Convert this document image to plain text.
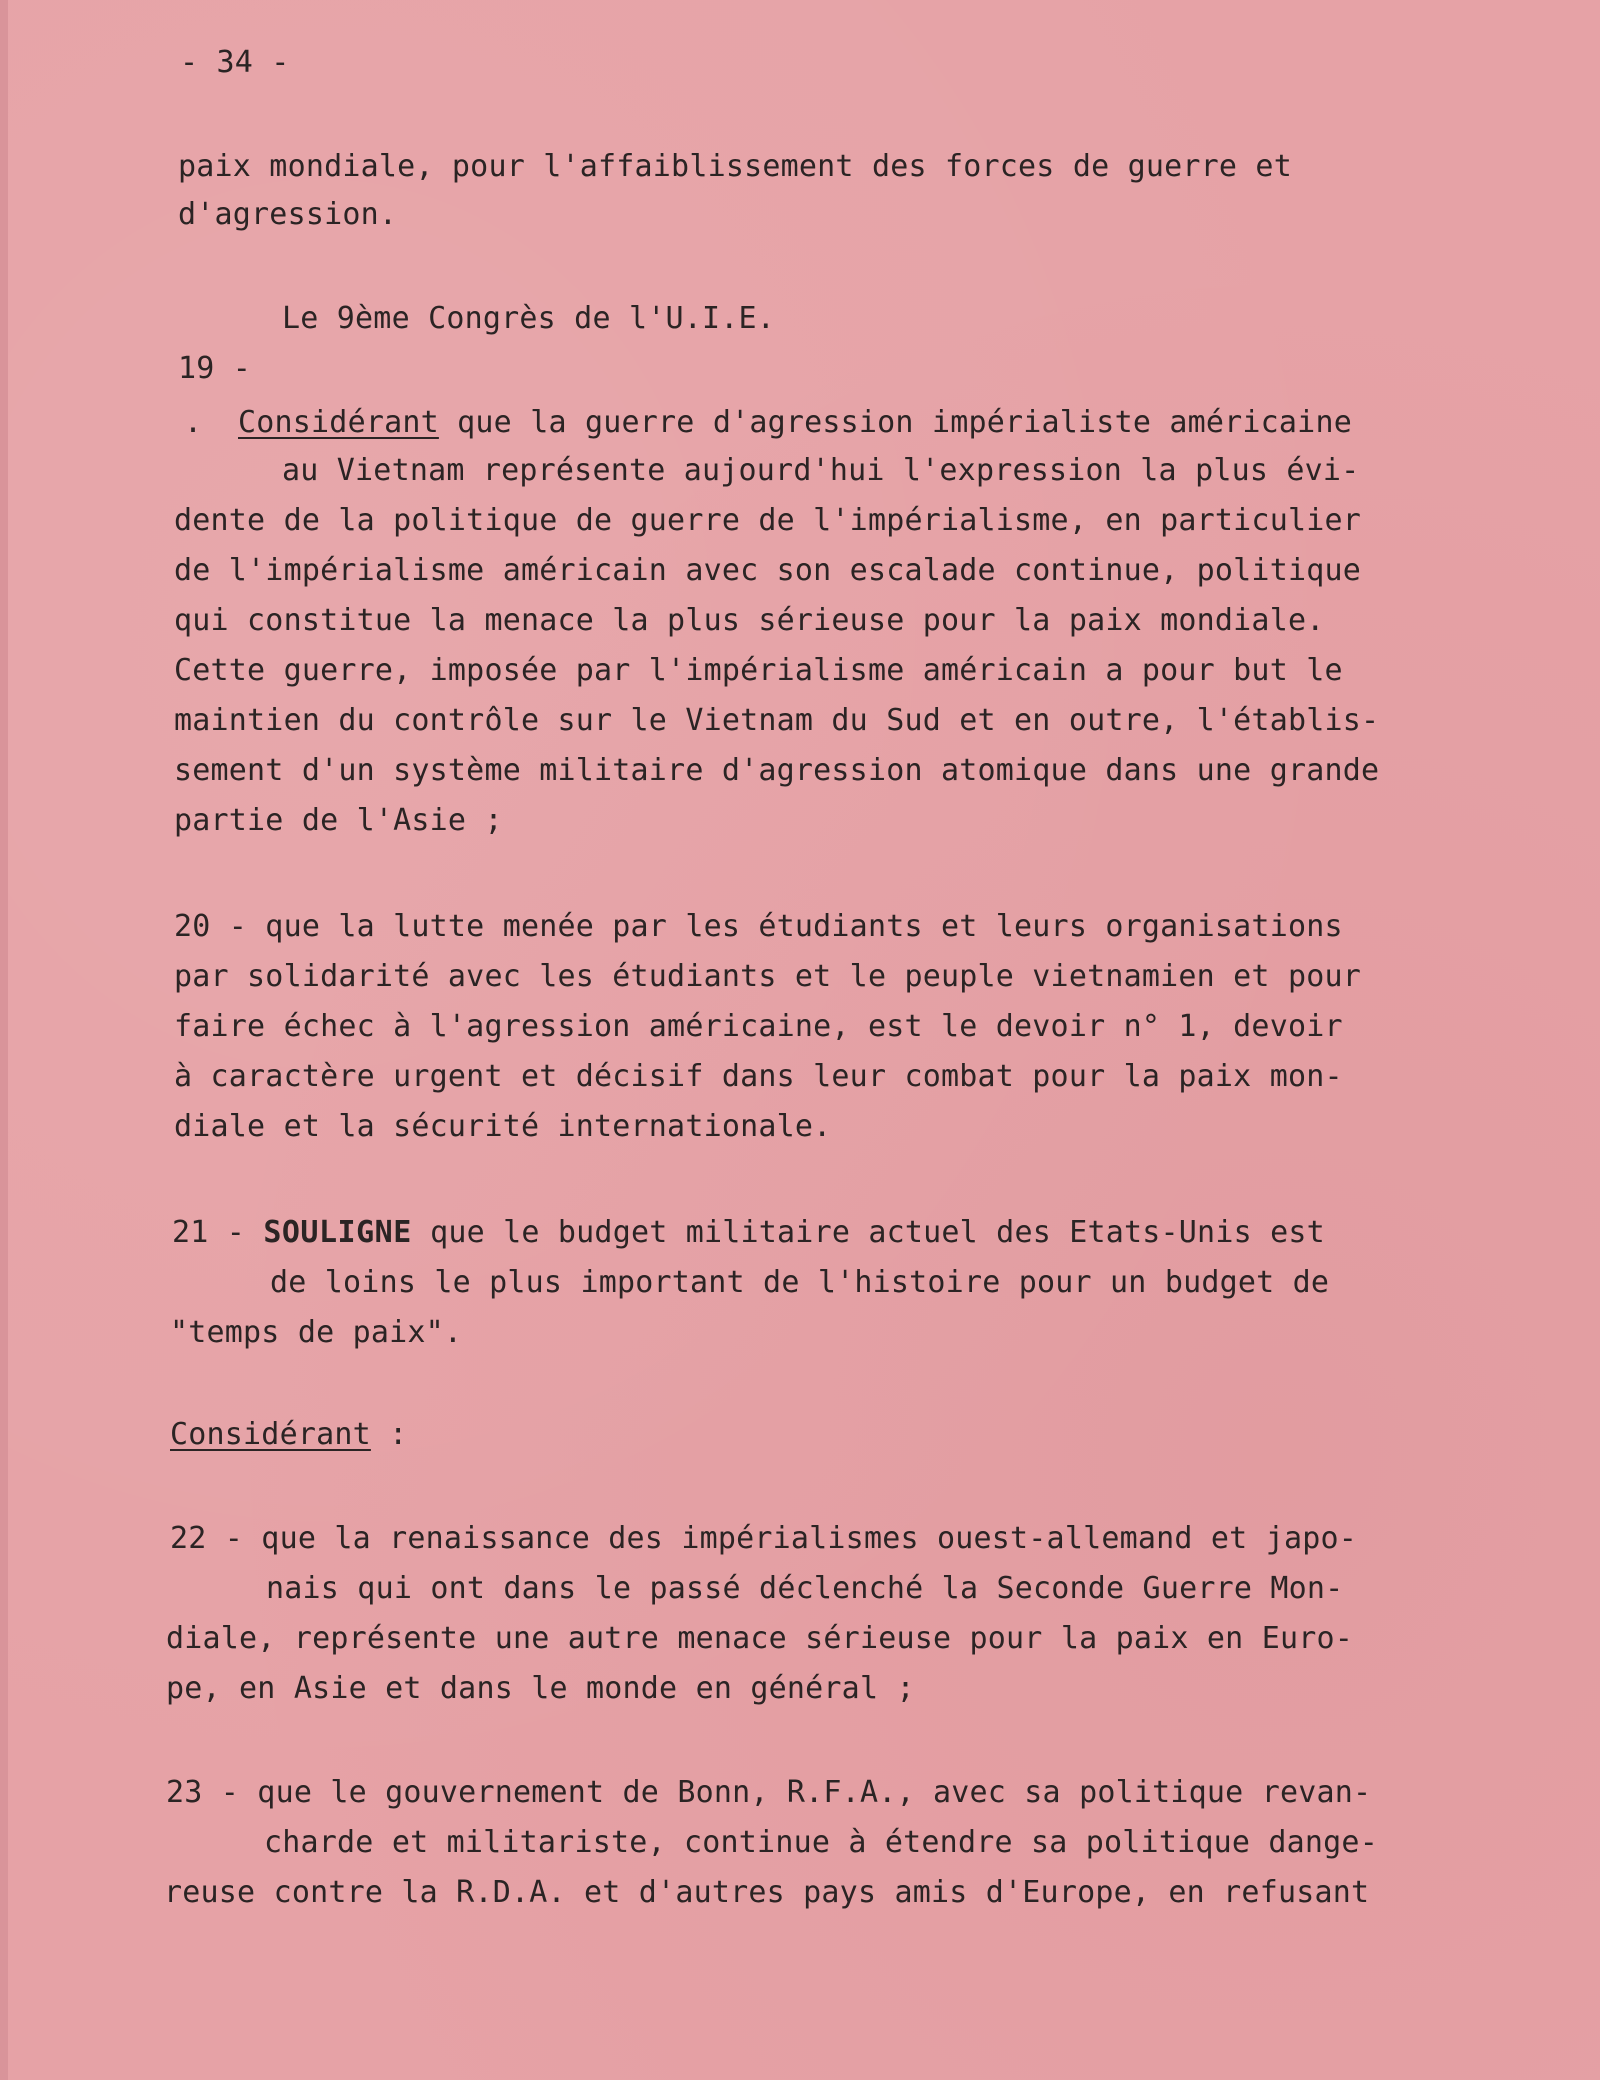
- 34 -
paix mondiale, pour l'affaiblissement des forces de guerre et
d'agression.
Le 9ème Congrès de l'U.I.E.
19 -
. Considérant que la guerre d'agression impérialiste américaine
au Vietnam représente aujourd'hui l'expression la plus évi-
dente de la politique de guerre de l'impérialisme, en particulier
de l'impérialisme américain avec son escalade continue, politique
qui constitue la menace la plus sérieuse pour la paix mondiale.
Cette guerre, imposée par l'impérialisme américain a pour but le
maintien du contrôle sur le Vietnam du Sud et en outre, l'établis-
sement d'un système militaire d'agression atomique dans une grande
partie de l'Asie ;
20 - que la lutte menée par les étudiants et leurs organisations
par solidarité avec les étudiants et le peuple vietnamien et pour
faire échec à l'agression américaine, est le devoir n° 1, devoir
à caractère urgent et décisif dans leur combat pour la paix mon-
diale et la sécurité internationale.
21 - SOULIGNE que le budget militaire actuel des Etats-Unis est
de loins le plus important de l'histoire pour un budget de
"temps de paix".
Considérant :
22 - que la renaissance des impérialismes ouest-allemand et japo-
nais qui ont dans le passé déclenché la Seconde Guerre Mon-
diale, représente une autre menace sérieuse pour la paix en Euro-
pe, en Asie et dans le monde en général ;
23 - que le gouvernement de Bonn, R.F.A., avec sa politique revan-
charde et militariste, continue à étendre sa politique dange-
reuse contre la R.D.A. et d'autres pays amis d'Europe, en refusant
